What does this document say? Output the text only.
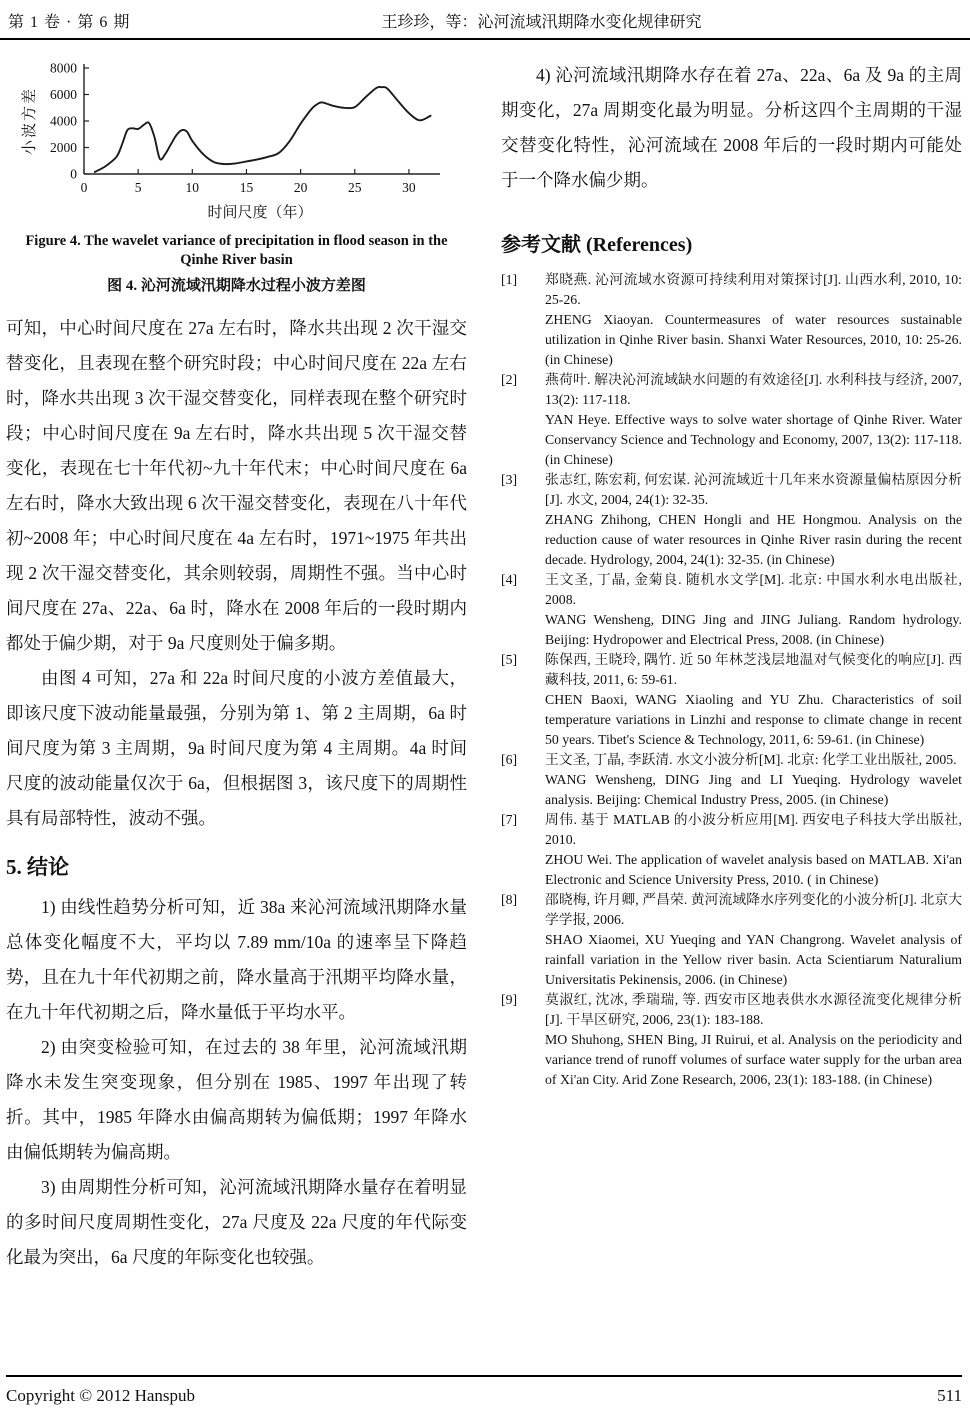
第 1 卷 · 第 6 期	王珍珍，等：沁河流域汛期降水变化规律研究
0
2000
4000
6000
8000
0	5	10	15	20	25	30
时间尺度（年）
小波方差
Figure 4. The wavelet variance of precipitation in flood season in the Qinhe River basin
图 4. 沁河流域汛期降水过程小波方差图

可知，中心时间尺度在 27a 左右时，降水共出现 2 次干湿交替变化，且表现在整个研究时段；中心时间尺度在 22a 左右时，降水共出现 3 次干湿交替变化，同样表现在整个研究时段；中心时间尺度在 9a 左右时，降水共出现 5 次干湿交替变化，表现在七十年代初~九十年代末；中心时间尺度在 6a 左右时，降水大致出现 6 次干湿交替变化，表现在八十年代初~2008 年；中心时间尺度在 4a 左右时，1971~1975 年共出现 2 次干湿交替变化，其余则较弱，周期性不强。当中心时间尺度在 27a、22a、6a 时，降水在 2008 年后的一段时期内都处于偏少期，对于 9a 尺度则处于偏多期。

由图 4 可知，27a 和 22a 时间尺度的小波方差值最大，即该尺度下波动能量最强，分别为第 1、第 2 主周期，6a 时间尺度为第 3 主周期，9a 时间尺度为第 4 主周期。4a 时间尺度的波动能量仅次于 6a，但根据图 3，该尺度下的周期性具有局部特性，波动不强。

5. 结论

1) 由线性趋势分析可知，近 38a 来沁河流域汛期降水量总体变化幅度不大，平均以 7.89 mm/10a 的速率呈下降趋势，且在九十年代初期之前，降水量高于汛期平均降水量，在九十年代初期之后，降水量低于平均水平。

2) 由突变检验可知，在过去的 38 年里，沁河流域汛期降水未发生突变现象，但分别在 1985、1997 年出现了转折。其中，1985 年降水由偏高期转为偏低期；1997 年降水由偏低期转为偏高期。

3) 由周期性分析可知，沁河流域汛期降水量存在着明显的多时间尺度周期性变化，27a 尺度及 22a 尺度的年代际变化最为突出，6a 尺度的年际变化也较强。

4) 沁河流域汛期降水存在着 27a、22a、6a 及 9a 的主周期变化，27a 周期变化最为明显。分析这四个主周期的干湿交替变化特性，沁河流域在 2008 年后的一段时期内可能处于一个降水偏少期。

参考文献 (References)
[1]	郑晓燕. 沁河流域水资源可持续利用对策探讨[J]. 山西水利, 2010, 10: 25-26.
ZHENG Xiaoyan. Countermeasures of water resources sustainable utilization in Qinhe River basin. Shanxi Water Resources, 2010, 10: 25-26. (in Chinese)
[2]	燕荷叶. 解决沁河流域缺水问题的有效途径[J]. 水利科技与经济, 2007, 13(2): 117-118.
YAN Heye. Effective ways to solve water shortage of Qinhe River. Water Conservancy Science and Technology and Economy, 2007, 13(2): 117-118. (in Chinese)
[3]	张志红, 陈宏莉, 何宏谋. 沁河流域近十几年来水资源量偏枯原因分析[J]. 水文, 2004, 24(1): 32-35.
ZHANG Zhihong, CHEN Hongli and HE Hongmou. Analysis on the reduction cause of water resources in Qinhe River rasin during the recent decade. Hydrology, 2004, 24(1): 32-35. (in Chinese)
[4]	王文圣, 丁晶, 金菊良. 随机水文学[M]. 北京: 中国水利水电出版社, 2008.
WANG Wensheng, DING Jing and JING Juliang. Random hydrology. Beijing: Hydropower and Electrical Press, 2008. (in Chinese)
[5]	陈保西, 王晓玲, 隅竹. 近 50 年林芝浅层地温对气候变化的响应[J]. 西藏科技, 2011, 6: 59-61.
CHEN Baoxi, WANG Xiaoling and YU Zhu. Characteristics of soil temperature variations in Linzhi and response to climate change in recent 50 years. Tibet's Science & Technology, 2011, 6: 59-61. (in Chinese)
[6]	王文圣, 丁晶, 李跃清. 水文小波分析[M]. 北京: 化学工业出版社, 2005.
WANG Wensheng, DING Jing and LI Yueqing. Hydrology wavelet analysis. Beijing: Chemical Industry Press, 2005. (in Chinese)
[7]	周伟. 基于 MATLAB 的小波分析应用[M]. 西安电子科技大学出版社, 2010.
ZHOU Wei. The application of wavelet analysis based on MATLAB. Xi'an Electronic and Science University Press, 2010. ( in Chinese)
[8]	邵晓梅, 许月卿, 严昌荣. 黄河流域降水序列变化的小波分析[J]. 北京大学学报, 2006.
SHAO Xiaomei, XU Yueqing and YAN Changrong. Wavelet analysis of rainfall variation in the Yellow river basin. Acta Scientiarum Naturalium Universitatis Pekinensis, 2006. (in Chinese)
[9]	莫淑红, 沈冰, 季瑞瑞, 等. 西安市区地表供水水源径流变化规律分析[J]. 干旱区研究, 2006, 23(1): 183-188.
MO Shuhong, SHEN Bing, JI Ruirui, et al. Analysis on the periodicity and variance trend of runoff volumes of surface water supply for the urban area of Xi'an City. Arid Zone Research, 2006, 23(1): 183-188. (in Chinese)
Copyright © 2012 Hanspub	511
